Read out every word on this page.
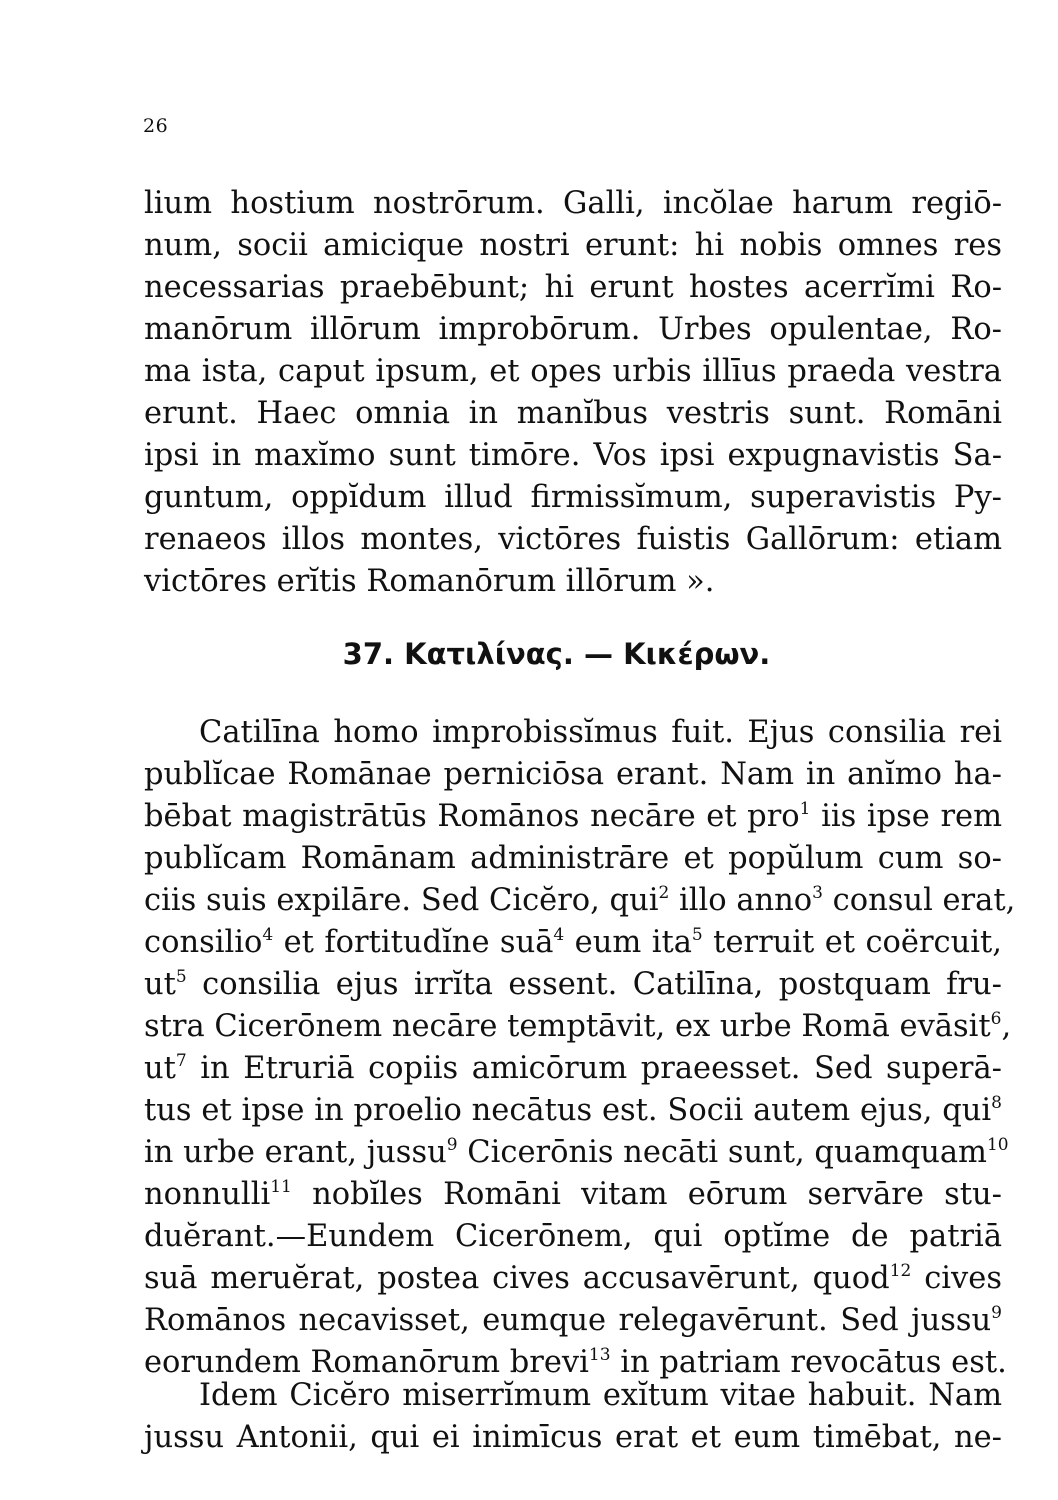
26
lium hostium nostrōrum. Galli, incŏlae harum regiō-
num, socii amicique nostri erunt: hi nobis omnes res
necessarias praebēbunt; hi erunt hostes acerrĭmi Ro-
manōrum illōrum improbōrum. Urbes opulentae, Ro-
ma ista, caput ipsum, et opes urbis illīus praeda vestra
erunt. Haec omnia in manĭbus vestris sunt. Romāni
ipsi in maxĭmo sunt timōre. Vos ipsi expugnavistis Sa-
guntum, oppĭdum illud firmissĭmum, superavistis Py-
renaeos illos montes, victōres fuistis Gallōrum: etiam
victōres erĭtis Romanōrum illōrum ».
37. Κατιλίνας. — Κικέρων.
Catilīna homo improbissĭmus fuit. Ejus consilia rei
publĭcae Romānae perniciōsa erant. Nam in anĭmo ha-
bēbat magistrātūs Romānos necāre et pro$^1$ iis ipse rem
publĭcam Romānam administrāre et popŭlum cum so-
ciis suis expilāre. Sed Cicĕro, qui$^2$ illo anno$^3$ consul erat,
consilio$^4$ et fortitudĭne suā$^4$ eum ita$^5$ terruit et coërcuit,
$ut^5$ consilia ejus irrĭta essent. Catilīna, postquam fru-
stra Cicerōnem necāre temptāvit, ex urbe Romā evāsit$^6$,
$ut^7$ in Etruriā copiis amicōrum praeesset. Sed superā-
tus et ipse in proelio necātus est. Socii autem ejus, qui$^8$
in urbe erant, jussu$^9$ Cicerōnis necāti sunt, quamquam$^{10}$
nonnulli$^{11}$ nobĭles Romāni vitam eōrum servāre stu-
duĕrant.—Eundem Cicerōnem, qui optĭme de patriā
suā meruĕrat, postea cives accusavērunt, quod$^{12}$ cives
Romānos necavisset, eumque relegavērunt. Sed jussu$^9$
eorundem Romanōrum brevi$^{13}$ in patriam revocātus est.
Idem Cicĕro miserrĭmum exĭtum vitae habuit. Nam
jussu Antonii, qui ei inimīcus erat et eum timēbat, ne-
